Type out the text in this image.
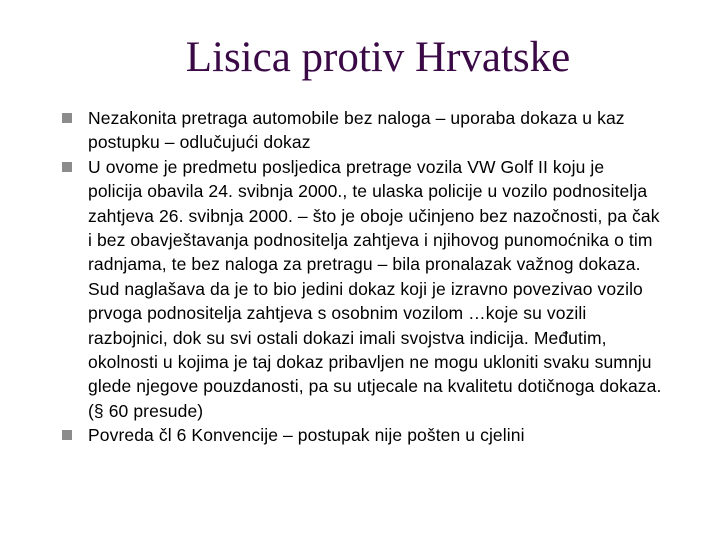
Lisica protiv Hrvatske
Nezakonita pretraga automobile bez naloga – uporaba dokaza u kaz postupku – odlučujući dokaz
U ovome je predmetu posljedica pretrage vozila VW Golf II koju je policija obavila 24. svibnja 2000., te ulaska policije u vozilo podnositelja zahtjeva 26. svibnja 2000. – što je oboje učinjeno bez nazočnosti, pa čak i bez obavještavanja podnositelja zahtjeva i njihovog punomoćnika o tim radnjama, te bez naloga za pretragu – bila pronalazak važnog dokaza. Sud naglašava da je to bio jedini dokaz koji je izravno povezivao vozilo prvoga podnositelja zahtjeva s osobnim vozilom …koje su vozili razbojnici, dok su svi ostali dokazi imali svojstva indicija. Međutim, okolnosti u kojima je taj dokaz pribavljen ne mogu ukloniti svaku sumnju glede njegove pouzdanosti, pa su utjecale na kvalitetu dotičnoga dokaza. (§ 60 presude)
Povreda čl 6 Konvencije – postupak nije pošten u cjelini
